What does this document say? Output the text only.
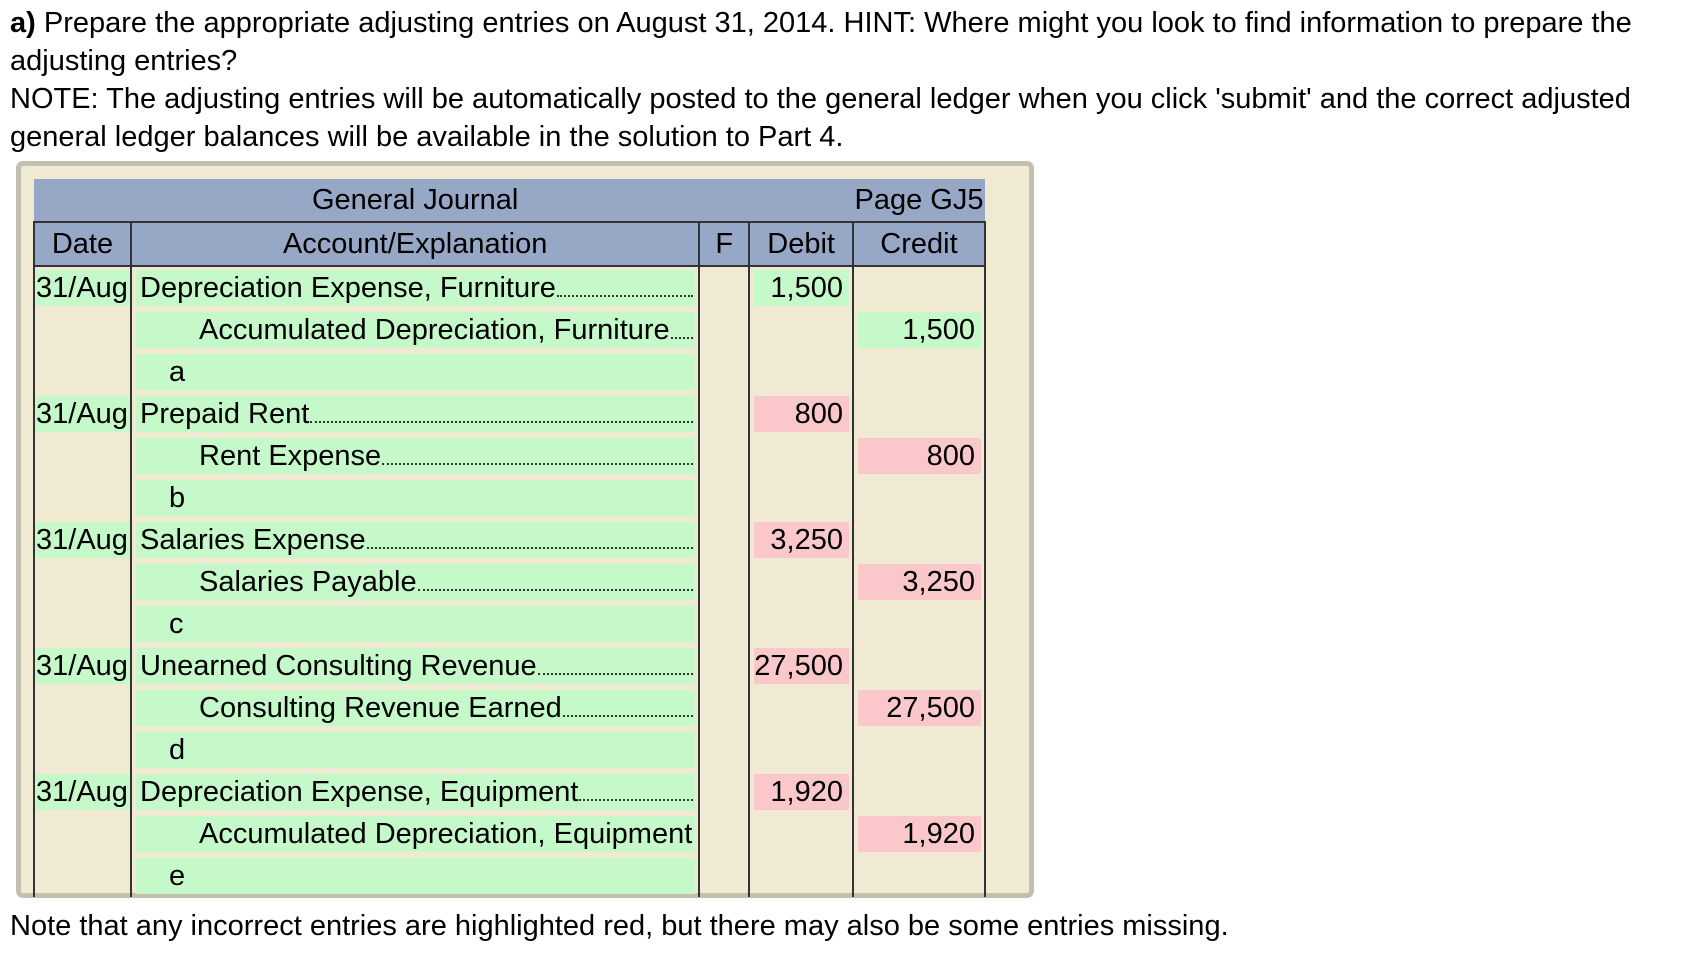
a) Prepare the appropriate adjusting entries on August 31, 2014. HINT: Where might you look to find information to prepare the adjusting entries?
NOTE: The adjusting entries will be automatically posted to the general ledger when you click 'submit' and the correct adjusted general ledger balances will be available in the solution to Part 4.
General Journal				Page GJ5
Date	Account/Explanation	F	Debit	Credit

31/Aug	Depreciation Expense, Furniture		1,500	

	Accumulated Depreciation, Furniture			1,500

	a			

31/Aug	Prepaid Rent		800	

	Rent Expense			800

	b			

31/Aug	Salaries Expense		3,250	

	Salaries Payable			3,250

	c			

31/Aug	Unearned Consulting Revenue		27,500	

	Consulting Revenue Earned			27,500

	d			

31/Aug	Depreciation Expense, Equipment		1,920	

	Accumulated Depreciation, Equipment			1,920

	e			

Note that any incorrect entries are highlighted red, but there may also be some entries missing.
